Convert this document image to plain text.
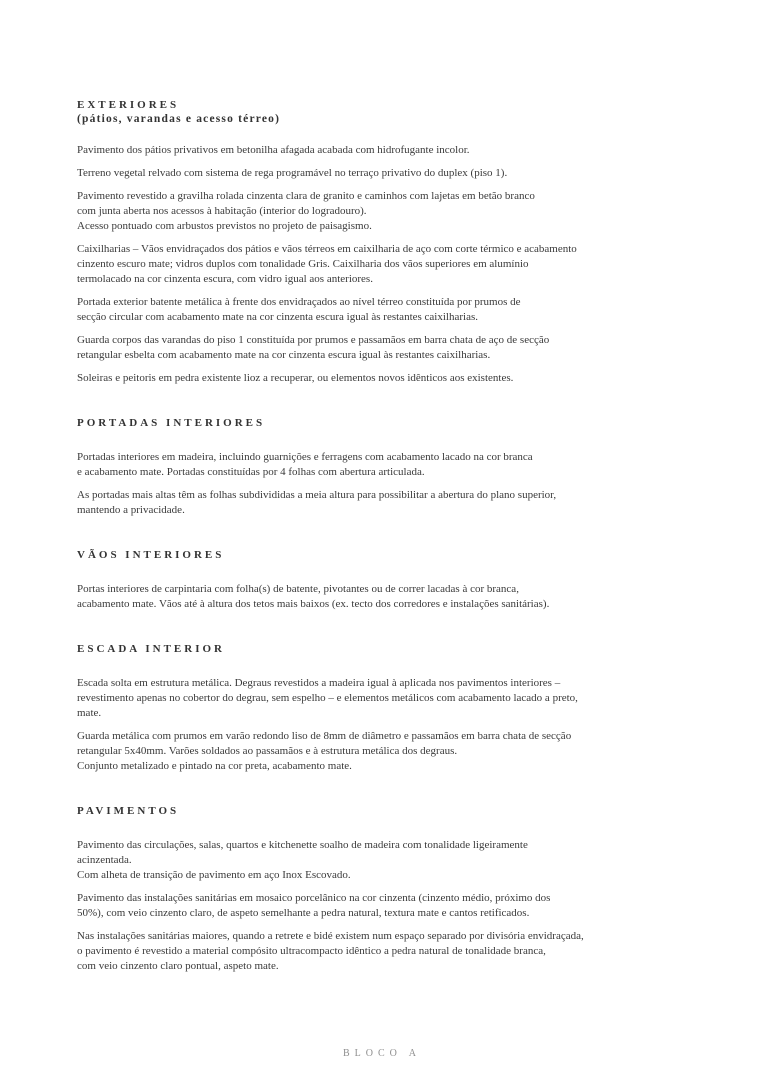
EXTERIORES
(pátios, varandas e acesso térreo)

Pavimento dos pátios privativos em betonilha afagada acabada com hidrofugante incolor.

Terreno vegetal relvado com sistema de rega programável no terraço privativo do duplex (piso 1).

Pavimento revestido a gravilha rolada cinzenta clara de granito e caminhos com lajetas em betão branco
com junta aberta nos acessos à habitação (interior do logradouro).
Acesso pontuado com arbustos previstos no projeto de paisagismo.

Caixilharias – Vãos envidraçados dos pátios e vãos térreos em caixilharia de aço com corte térmico e acabamento
cinzento escuro mate; vidros duplos com tonalidade Gris. Caixilharia dos vãos superiores em alumínio
termolacado na cor cinzenta escura, com vidro igual aos anteriores.

Portada exterior batente metálica à frente dos envidraçados ao nível térreo constituída por prumos de
secção circular com acabamento mate na cor cinzenta escura igual às restantes caixilharias.

Guarda corpos das varandas do piso 1 constituída por prumos e passamãos em barra chata de aço de secção
retangular esbelta com acabamento mate na cor cinzenta escura igual às restantes caixilharias.

Soleiras e peitoris em pedra existente lioz a recuperar, ou elementos novos idênticos aos existentes.

PORTADAS INTERIORES

Portadas interiores em madeira, incluindo guarnições e ferragens com acabamento lacado na cor branca
e acabamento mate. Portadas constituídas por 4 folhas com abertura articulada.

As portadas mais altas têm as folhas subdivididas a meia altura para possibilitar a abertura do plano superior,
mantendo a privacidade.

VÃOS INTERIORES

Portas interiores de carpintaria com folha(s) de batente, pivotantes ou de correr lacadas à cor branca,
acabamento mate. Vãos até à altura dos tetos mais baixos (ex. tecto dos corredores e instalações sanitárias).

ESCADA INTERIOR

Escada solta em estrutura metálica. Degraus revestidos a madeira igual à aplicada nos pavimentos interiores –
revestimento apenas no cobertor do degrau, sem espelho – e elementos metálicos com acabamento lacado a preto,
mate.

Guarda metálica com prumos em varão redondo liso de 8mm de diâmetro e passamãos em barra chata de secção
retangular 5x40mm. Varões soldados ao passamãos e à estrutura metálica dos degraus.
Conjunto metalizado e pintado na cor preta, acabamento mate.

PAVIMENTOS

Pavimento das circulações, salas, quartos e kitchenette soalho de madeira com tonalidade ligeiramente
acinzentada.
Com alheta de transição de pavimento em aço Inox Escovado.

Pavimento das instalações sanitárias em mosaico porcelânico na cor cinzenta (cinzento médio, próximo dos
50%), com veio cinzento claro, de aspeto semelhante a pedra natural, textura mate e cantos retificados.

Nas instalações sanitárias maiores, quando a retrete e bidé existem num espaço separado por divisória envidraçada,
o pavimento é revestido a material compósito ultracompacto idêntico a pedra natural de tonalidade branca,
com veio cinzento claro pontual, aspeto mate.

BLOCO A
